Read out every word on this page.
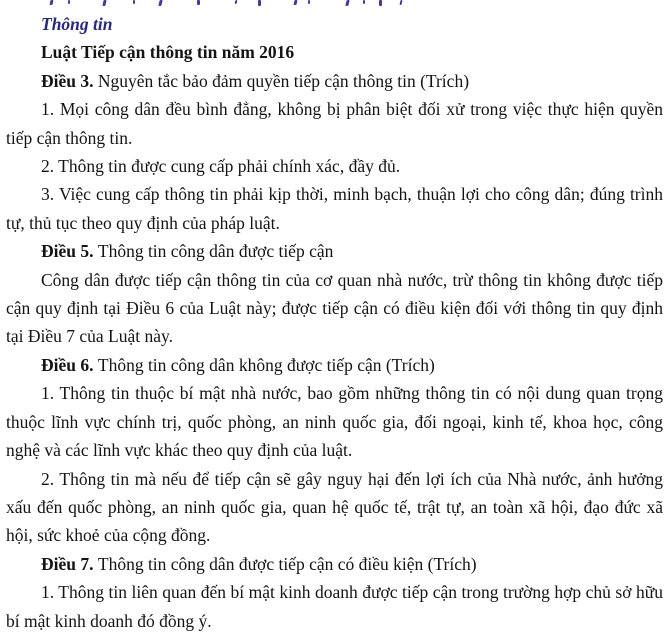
Thông tin

Luật Tiếp cận thông tin năm 2016

Điều 3. Nguyên tắc bảo đảm quyền tiếp cận thông tin (Trích)

1. Mọi công dân đều bình đẳng, không bị phân biệt đối xử trong việc thực hiện quyền tiếp cận thông tin.

2. Thông tin được cung cấp phải chính xác, đầy đủ.

3. Việc cung cấp thông tin phải kịp thời, minh bạch, thuận lợi cho công dân; đúng trình tự, thủ tục theo quy định của pháp luật.

Điều 5. Thông tin công dân được tiếp cận

Công dân được tiếp cận thông tin của cơ quan nhà nước, trừ thông tin không được tiếp cận quy định tại Điều 6 của Luật này; được tiếp cận có điều kiện đối với thông tin quy định tại Điều 7 của Luật này.

Điều 6. Thông tin công dân không được tiếp cận (Trích)

1. Thông tin thuộc bí mật nhà nước, bao gồm những thông tin có nội dung quan trọng thuộc lĩnh vực chính trị, quốc phòng, an ninh quốc gia, đối ngoại, kinh tế, khoa học, công nghệ và các lĩnh vực khác theo quy định của luật.

2. Thông tin mà nếu để tiếp cận sẽ gây nguy hại đến lợi ích của Nhà nước, ảnh hưởng xấu đến quốc phòng, an ninh quốc gia, quan hệ quốc tế, trật tự, an toàn xã hội, đạo đức xã hội, sức khoẻ của cộng đồng.

Điều 7. Thông tin công dân được tiếp cận có điều kiện (Trích)

1. Thông tin liên quan đến bí mật kinh doanh được tiếp cận trong trường hợp chủ sở hữu bí mật kinh doanh đó đồng ý.
